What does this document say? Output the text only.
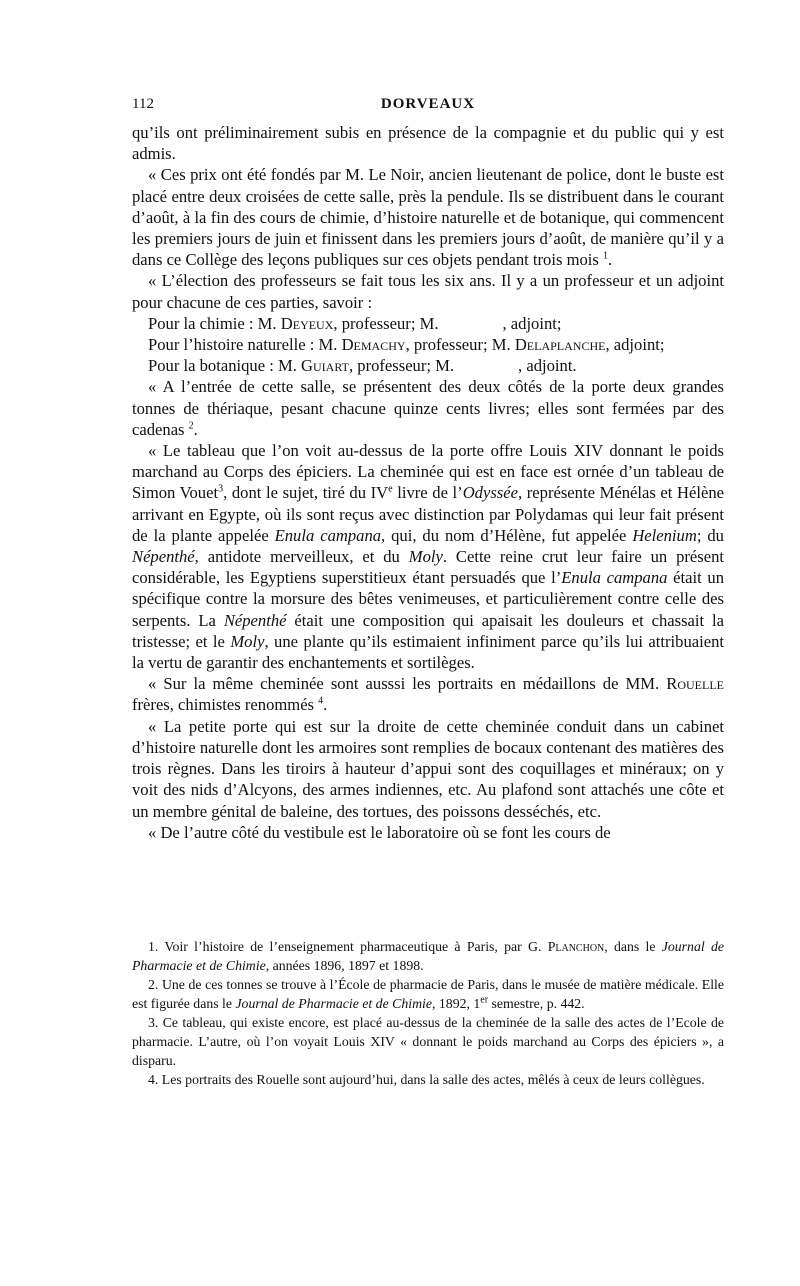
112	DORVEAUX

qu’ils ont préliminairement subis en présence de la compagnie et du public qui y est admis.

« Ces prix ont été fondés par M. Le Noir, ancien lieutenant de police, dont le buste est placé entre deux croisées de cette salle, près la pendule. Ils se distribuent dans le courant d’août, à la fin des cours de chimie, d’histoire naturelle et de botanique, qui commencent les premiers jours de juin et finissent dans les premiers jours d’août, de manière qu’il y a dans ce Collège des leçons publiques sur ces objets pendant trois mois $^1$.

« L’élection des professeurs se fait tous les six ans. Il y a un professeur et un adjoint pour chacune de ces parties, savoir :

Pour la chimie : M. Deyeux, professeur; M.	, adjoint;

Pour l’histoire naturelle : M. Demachy, professeur; M. Delaplanche, adjoint;

Pour la botanique : M. Guiart, professeur; M.	, adjoint.

« A l’entrée de cette salle, se présentent des deux côtés de la porte deux grandes tonnes de thériaque, pesant chacune quinze cents livres; elles sont fermées par des cadenas $^2$.

« Le tableau que l’on voit au-dessus de la porte offre Louis XIV donnant le poids marchand au Corps des épiciers. La cheminée qui est en face est ornée d’un tableau de Simon Vouet$^3$, dont le sujet, tiré du IVe livre de l’Odyssée, représente Ménélas et Hélène arrivant en Egypte, où ils sont reçus avec distinction par Polydamas qui leur fait présent de la plante appelée Enula campana, qui, du nom d’Hélène, fut appelée Helenium; du Népenthé, antidote merveilleux, et du Moly. Cette reine crut leur faire un présent considérable, les Egyptiens superstitieux étant persuadés que l’Enula campana était un spécifique contre la morsure des bêtes venimeuses, et particulièrement contre celle des serpents. La Népenthé était une composition qui apaisait les douleurs et chassait la tristesse; et le Moly, une plante qu’ils estimaient infiniment parce qu’ils lui attribuaient la vertu de garantir des enchantements et sortilèges.

« Sur la même cheminée sont ausssi les portraits en médaillons de MM. Rouelle frères, chimistes renommés $^4$.

« La petite porte qui est sur la droite de cette cheminée conduit dans un cabinet d’histoire naturelle dont les armoires sont remplies de bocaux contenant des matières des trois règnes. Dans les tiroirs à hauteur d’appui sont des coquillages et minéraux; on y voit des nids d’Alcyons, des armes indiennes, etc. Au plafond sont attachés une côte et un membre génital de baleine, des tortues, des poissons desséchés, etc.

« De l’autre côté du vestibule est le laboratoire où se font les cours de

1. Voir l’histoire de l’enseignement pharmaceutique à Paris, par G. Planchon, dans le Journal de Pharmacie et de Chimie, années 1896, 1897 et 1898.

2. Une de ces tonnes se trouve à l’École de pharmacie de Paris, dans le musée de matière médicale. Elle est figurée dans le Journal de Pharmacie et de Chimie, 1892, 1er semestre, p. 442.

3. Ce tableau, qui existe encore, est placé au-dessus de la cheminée de la salle des actes de l’Ecole de pharmacie. L’autre, où l’on voyait Louis XIV « donnant le poids marchand au Corps des épiciers », a disparu.

4. Les portraits des Rouelle sont aujourd’hui, dans la salle des actes, mêlés à ceux de leurs collègues.
